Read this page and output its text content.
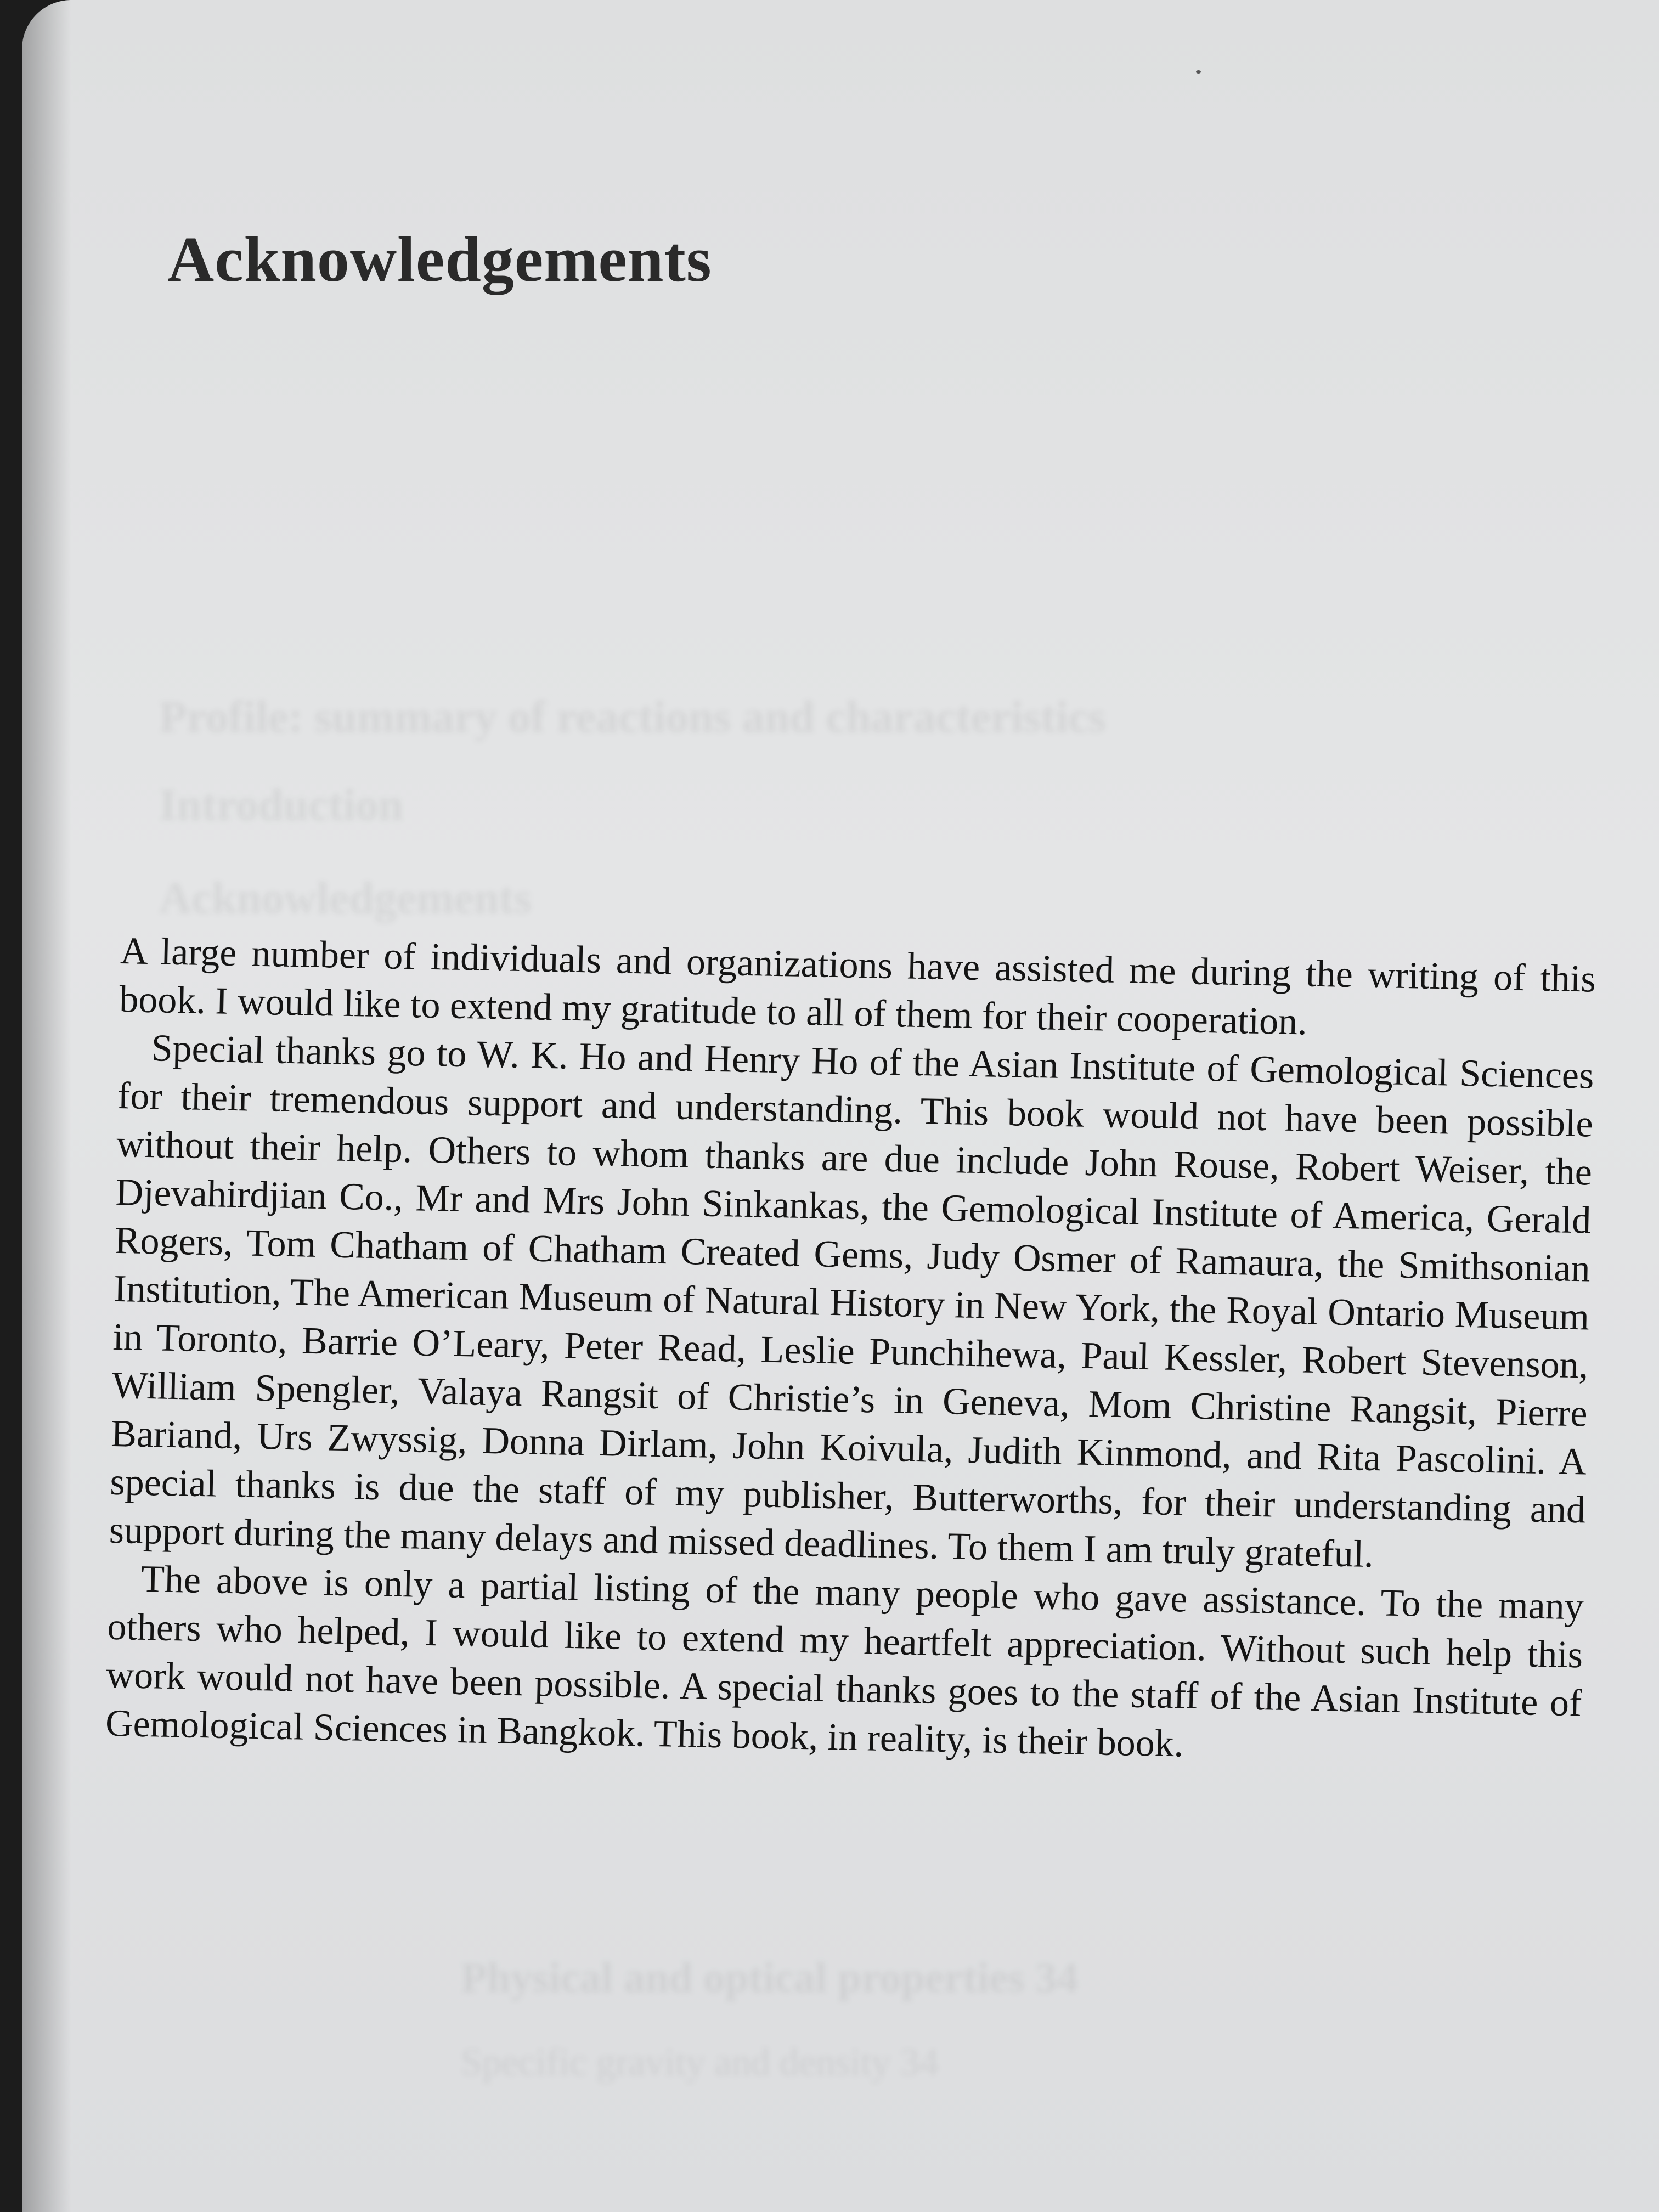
Profile: summary of reactions and characteristics
Introduction
Acknowledgements
Physical and optical properties 34
Specific gravity and density 34
Acknowledgements

A large number of individuals and organizations have assisted me during the writing of this book. I would like to extend my gratitude to all of them for their cooperation.

Special thanks go to W. K. Ho and Henry Ho of the Asian Institute of Gemological Sciences for their tremendous support and understanding. This book would not have been possible without their help. Others to whom thanks are due include John Rouse, Robert Weiser, the Djevahirdjian Co., Mr and Mrs John Sinkankas, the Gemological Institute of America, Gerald Rogers, Tom Chatham of Chatham Created Gems, Judy Osmer of Ramaura, the Smithsonian Institution, The American Museum of Natural History in New York, the Royal Ontario Museum in Toronto, Barrie O’Leary, Peter Read, Leslie Punchihewa, Paul Kessler, Robert Stevenson, William Spengler, Valaya Rangsit of Christie’s in Geneva, Mom Christine Rangsit, Pierre Bariand, Urs Zwyssig, Donna Dirlam, John Koivula, Judith Kinmond, and Rita Pascolini. A special thanks is due the staff of my publisher, Butterworths, for their understanding and support during the many delays and missed deadlines. To them I am truly grateful.

The above is only a partial listing of the many people who gave assistance. To the many others who helped, I would like to extend my heartfelt appreciation. Without such help this work would not have been possible. A special thanks goes to the staff of the Asian Institute of Gemological Sciences in Bangkok. This book, in reality, is their book.
